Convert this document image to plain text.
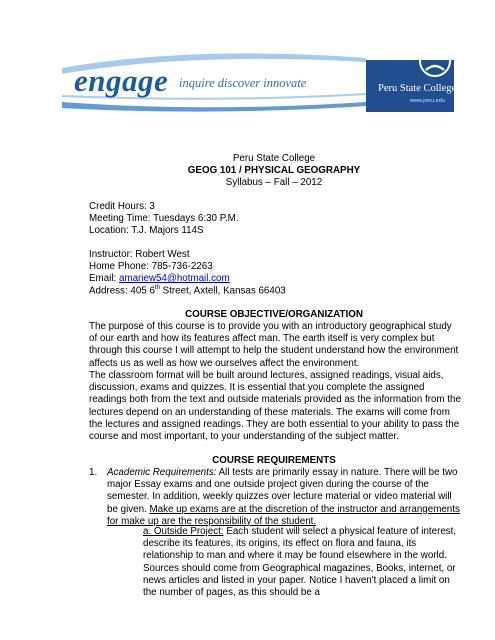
engage inquire discover innovate	Peru State College
www.peru.edu
Peru State College
GEOG 101 / PHYSICAL GEOGRAPHY
Syllabus – Fall – 2012
Credit Hours: 3
Meeting Time: Tuesdays 6:30 P.M.
Location: T.J. Majors 114S
Instructor: Robert West
Home Phone: 785-736-2263
Email: amariew54@hotmail.com
Address: 405 6th Street, Axtell, Kansas 66403
COURSE OBJECTIVE/ORGANIZATION
The purpose of this course is to provide you with an introductory geographical study of our earth and how its features affect man. The earth itself is very complex but through this course I will attempt to help the student understand how the environment affects us as well as how we ourselves affect the environment.
The classroom format will be built around lectures, assigned readings, visual aids, discussion, exams and quizzes. It is essential that you complete the assigned readings both from the text and outside materials provided as the information from the lectures depend on an understanding of these materials. The exams will come from the lectures and assigned readings. They are both essential to your ability to pass the course and most important, to your understanding of the subject matter.
COURSE REQUIREMENTS
1.	Academic Requirements: All tests are primarily essay in nature. There will be two major Essay exams and one outside project given during the course of the semester. In addition, weekly quizzes over lecture material or video material will be given. Make up exams are at the discretion of the instructor and arrangements for make up are the responsibility of the student.
a. Outside Project: Each student will select a physical feature of interest, describe its features, its origins, its effect on flora and fauna, its relationship to man and where it may be found elsewhere in the world. Sources should come from Geographical magazines, Books, internet, or news articles and listed in your paper. Notice I haven't placed a limit on the number of pages, as this should be a
